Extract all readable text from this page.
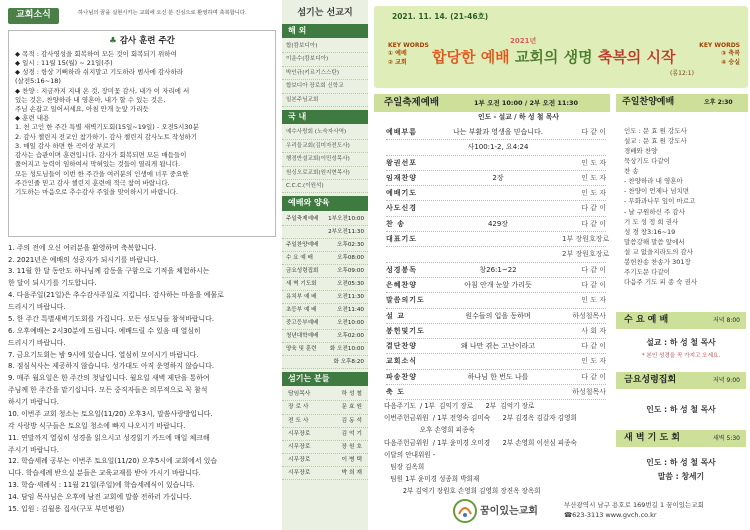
교회소식	하나님의 꿈을 실현시키는 교회에 오신 분 진심으로 환영하며 축복합니다.
♣ 감사 훈련 주간
◆ 목적 : 감사영성을 회복하여 모든 것이 회복되기 위하여
◆ 일시 : 11월 15(월) ~ 21일(주)
◆ 성경 : 항상 기뻐하라 쉬지말고 기도하라 범사에 감사하라
(살전5:16~18)
◆ 찬양 : 지금까지 지내 온 것, 장미꽃 감사, 내가 이 자리에 서
있는 것은, 찬양하라 내 영혼아, 내가 할 수 있는 것은,
주님 손잡고 일어서세요, 아침 안개 눈앞 가리듯
◆ 훈련 내용
1. 천 고인 한 주간 특별 새벽기도회(15일~19일) - 오전5시30분
2. 감사 챌린지 전교인 참가하기- 감사 챌린지 감사노트 작성하기
3. 매일 감사 하면 한 곡이상 부르기
감사는 습관이며 훈련입니다. 감사가 회복되면 모든 매듭들이
풀어지고 능력이 임하여서 막혀있는 것들이 열리게 됩니다.
모든 성도님들이 이번 한 주간을 여러분의 인생에 너무 중요한
주간인줄 믿고 감사 챌린지 훈련에 적극 참여 바랍니다.
기도하는 마음으로 추수감사 주일을 맞이하시기 바랍니다.
1. 주의 전에 오신 여러분을 환영하며 축복합니다.
2. 2021년은 예배의 성공자가 되시기를 바랍니다.
3. 11월 한 달 동안도 하나님께 감동을 구함으로 기적을 체험하시는
한 달이 되시기를 기도합니다.
4. 다음주일(21일)은 추수감사주일로 지킵니다. 감사하는 마음을 예물로
드리시기 바랍니다.
5. 한 주간 특별새벽기도회를 가집니다. 모든 성도님들 참석바랍니다.
6. 오후예배는 2시30분에 드립니다. 예배드릴 수 있음 때 열심히
드리시기 바랍니다.
7. 금요기도회는 밤 9시에 있습니다. 열심히 모이시기 바랍니다.
8. 점심식사는 제공하지 않습니다. 성가대도 아직 운영하지 않습니다.
9. 매주 월요일은 한 주간의 첫날입니다. 월요일 새벽 제단을 통하여
주님께 한 주간을 맡기십니다. 모든 중직자들은 의무적으로 꼭 참석
하시기 바랍니다.
10. 이번주 교회 청소는 토요일(11/20) 오후3시, 말씀사랑방입니다.
각 사랑방 식구들은 토요일 청소에 빠지 나오시기 바랍니다.
11. 연말까지 열심히 성경을 읽으시고 성경읽기 카드에 매일 체크해
주시기 바랍니다.
12. 학습세례 공부는 이번주 토요일(11/20) 오후5시에 교회에서 있습
니다. 학습세례 받으실 분들은 교육교재를 받아 가시기 바랍니다.
13. 학습·세례식 : 11월 21일(주일)에 학습세례식이 있습니다.
14. 담임 목사님은 오후에 남전 교회에 말씀 전하러 가십니다.
15. 입원 : 김월용 집사(구포 부민병원)
섬기는 선교지
해 외
합(캄보디아)
이운수(캄보디아)
박인규(키르기스스탄)
합보디아 장로회 신학교
일본주님교회
국 내
예수사랑회 (노숙자사역)
우리들교회(김미자전도사)
행정반설교회(이민성목사)
원싱오로교회(원지현목사)
C.C.C.(이원석)
예배와 양육
주일축제예배 1부오전10:00
2부오전11:30
주일찬양예배	오후02:30
수 요 예 배	오후08:00
금요성령집회	오후09:00
새 벽 기도회	오전05:30
유치부 예 배	오전11:30
초등부 예 배	오전11:40
중고등부예배	오전10:00
청년대학예배	오후02:00
양육 및 훈련 화 오전10:00
화 오후8:20
섬기는 분들
담임목사	하 성 철
장 로 사	문 효 원
전 도 사	김 동 석
시무장로	김 억 기
시무장로	장 원 호
시무장로	이 병 택
시무장로	박 희 재
2021. 11. 14. (21-46호)
KEY WORDS
① 예배
② 교회
2021년
합당한 예배 교회의 생명 축복의 시작
(롬12:1)
KEY WORDS
③ 축복
④ 숭실
주일축제예배	1부 오전 10:00 / 2부 오전 11:30
인도 - 설교 / 하 성 철 목사
예배부름	나는 부활과 영생을 믿습니다.	다 같 이
사100:1-2, 요4:24
왕권선포	인 도 자
임재찬양	2장	인 도 자
예배기도	인 도 자
사도신경	다 같 이
찬 송	429장	다 같 이
대표기도	1부 장원호장로
2부 장원호장로
성경봉독	창26:1~22	다 같 이
은혜찬양	아침 안개 눈앞 가리듯	다 같 이
말씀의기도	인 도 자
설 교	원수들의 입을 동하며	하성철목사
봉헌및기도	사 회 자
결단찬양	왜 나만 겪는 고난이라고	다 같 이
교회소식	인 도 자
파송찬양	하나님 한 번도 나를	다 같 이
축 도	하성철목사
다음주기도  / 1부  김익기 장로      2부  김억기 장로
이번주헌금위원  / 1부 전영숙 김미숙      2부 김경옥 김갈자 김영희
오후 손영희 피종숙
다음주헌금위원  / 1부 윤미경 오미경      2부 손영희 이선심 피종숙
이달의 안내위원 -
팀장 김옥희
팀원 1부 윤미경 성종희 박희재
2부 김억기 장원호 손영희 김영희 장진옥 장옥희
주일찬양예배	오후 2:30
인도 : 문 효 원 강도사
설교 : 문 효 원 강도사
경배와 찬양
묵상기도 다같이
찬 송
- 찬양하라 내 영혼아
- 찬양이 언제나 넘치면
- 무화과나무 잎이 마르고
- 날 구원하신 주 감사
기 도 성 정 희 권사
성 경 창3:16~19
말씀강해 말씀 앞에서
설 교 없을지라도의 감사
봉헌찬송 찬송가 301장
주기도문 다같이
다음주 기도 피 종 숙 권사
수 요 예 배	저녁 8:00
설교 : 하 성 철 목사
* 본인 성경을 꼭 가지고 오세요.
금요성령집회	저녁 9:00
인도 : 하 성 철 목사
새 벽 기 도 회	새벽 5:30
인도 : 하 성 철 목사
말씀 : 창세기
꿈이있는교회
부산광역시 남구 용호로 169번길 1 꿈이있는교회
☎623-3113 www.gvch.co.kr
